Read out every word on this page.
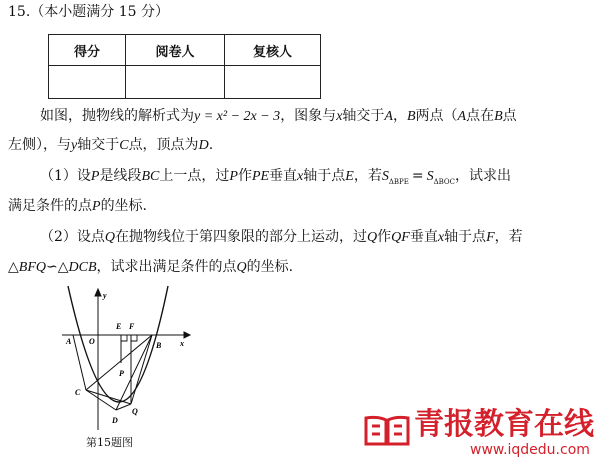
15.（本小题满分 15 分）
得分	阅卷人	复核人

如图，抛物线的解析式为y = x² − 2x − 3，图象与x轴交于A，B两点（A点在B点
左侧），与y轴交于C点，顶点为D.
（1）设P是线段BC上一点，过P作PE垂直x轴于点E，若$S_{\Delta BPE} = S_{\Delta BOC}$，试求出
满足条件的点P的坐标.
（2）设点Q在抛物线位于第四象限的部分上运动，过Q作QF垂直x轴于点F，若
△BFQ∽△DCB，试求出满足条件的点Q的坐标.
y
x
O
A	B
E F
P
C
D
Q
第15题图
青报教育在线
www.iqdedu.com
